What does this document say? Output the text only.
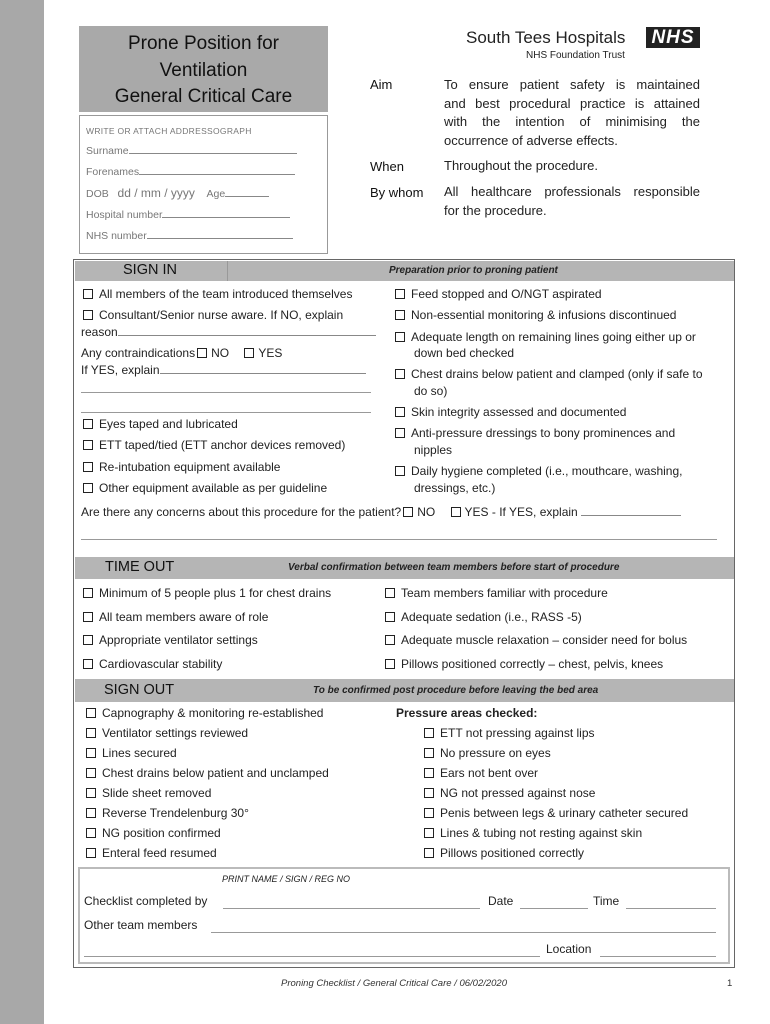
Prone Position for
Ventilation
General Critical Care
WRITE OR ATTACH ADDRESSOGRAPH
Surname
Forenames
DOB dd / mm / yyyy Age
Hospital number
NHS number
South Tees Hospitals NHS
NHS Foundation Trust
Aim	To ensure patient safety is maintained
and best procedural practice is attained
with the intention of minimising the
occurrence of adverse effects.
When	Throughout the procedure.
By whom All healthcare professionals responsible
for the procedure.
SIGN IN	Preparation prior to proning patient
All members of the team introduced themselves
Consultant/Senior nurse aware. If NO, explain
reason
Any contraindications NO YES
If YES, explain
Eyes taped and lubricated
ETT taped/tied (ETT anchor devices removed)
Re-intubation equipment available
Other equipment available as per guideline
Feed stopped and O/NGT aspirated
Non-essential monitoring & infusions discontinued
Adequate length on remaining lines going either up or
down bed checked
Chest drains below patient and clamped (only if safe to
do so)
Skin integrity assessed and documented
Anti-pressure dressings to bony prominences and
nipples
Daily hygiene completed (i.e., mouthcare, washing,
dressings, etc.)
Are there any concerns about this procedure for the patient? NO YES - If YES, explain
TIME OUT	Verbal confirmation between team members before start of procedure
Minimum of 5 people plus 1 for chest drains
All team members aware of role
Appropriate ventilator settings
Cardiovascular stability
Team members familiar with procedure
Adequate sedation (i.e., RASS -5)
Adequate muscle relaxation – consider need for bolus
Pillows positioned correctly – chest, pelvis, knees
SIGN OUT	To be confirmed post procedure before leaving the bed area
Capnography & monitoring re-established
Ventilator settings reviewed
Lines secured
Chest drains below patient and unclamped
Slide sheet removed
Reverse Trendelenburg 30°
NG position confirmed
Enteral feed resumed
Pressure areas checked:
ETT not pressing against lips
No pressure on eyes
Ears not bent over
NG not pressed against nose
Penis between legs & urinary catheter secured
Lines & tubing not resting against skin
Pillows positioned correctly
PRINT NAME / SIGN / REG NO
Checklist completed by	Date	Time
Other team members
Location
Proning Checklist / General Critical Care / 06/02/2020	1
